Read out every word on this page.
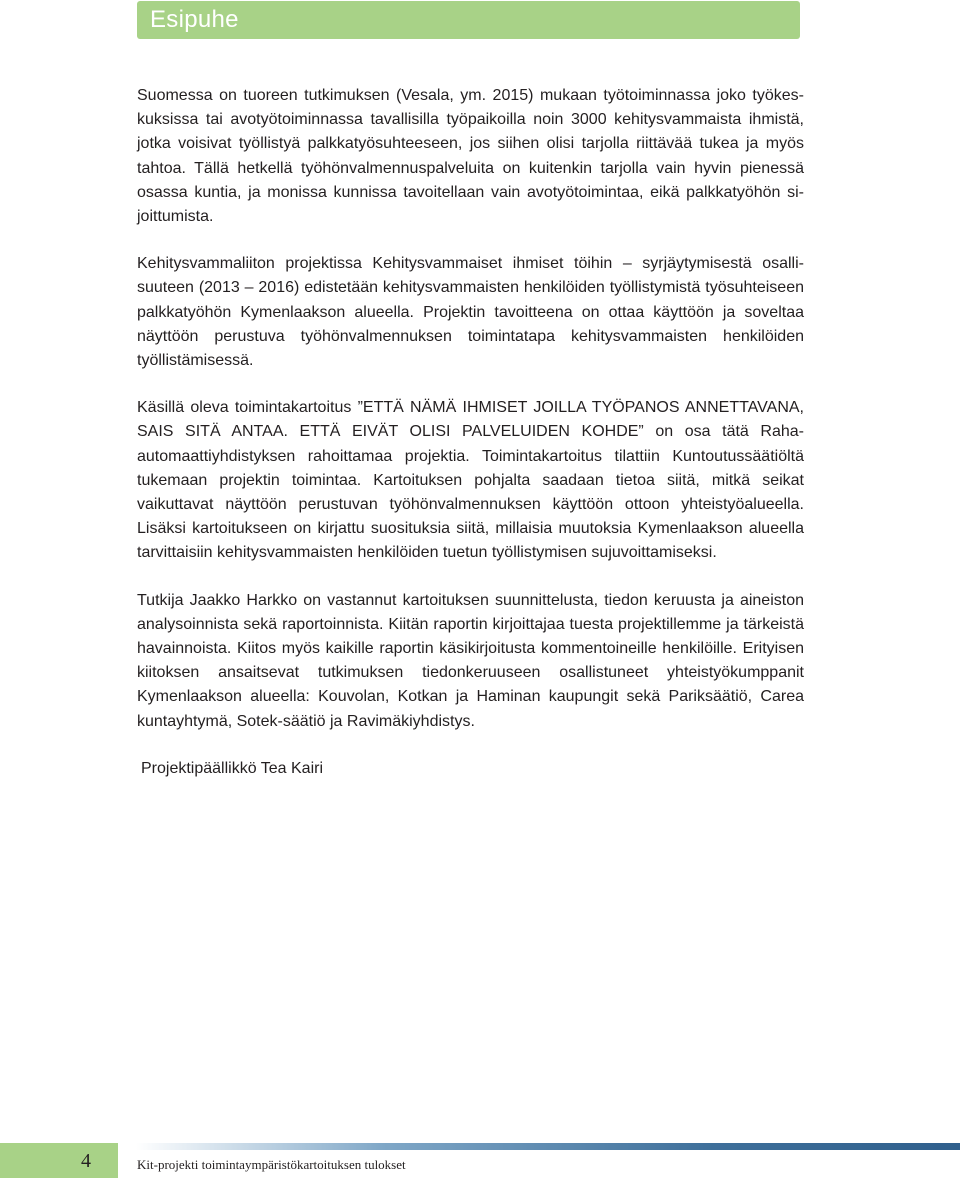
Esipuhe

Suomessa on tuoreen tutkimuksen (Vesala, ym. 2015) mukaan työtoiminnassa joko työkeskuksissa tai avotyötoiminnassa tavallisilla työpaikoilla noin 3000 kehitysvammaista ihmistä, jotka voisivat työllistyä palkkatyösuhteeseen, jos siihen olisi tarjolla riittävää tukea ja myös tahtoa. Tällä hetkellä työhönvalmennuspalveluita on kuitenkin tarjolla vain hyvin pienessä osassa kuntia, ja monissa kunnissa tavoitellaan vain avotyötoimintaa, eikä palkkatyöhön sijoittumista.

Kehitysvammaliiton projektissa Kehitysvammaiset ihmiset töihin – syrjäytymisestä osallisuuteen (2013 – 2016) edistetään kehitysvammaisten henkilöiden työllistymistä työsuhteiseen palkkatyöhön Kymenlaakson alueella. Projektin tavoitteena on ottaa käyttöön ja soveltaa näyttöön perustuva työhönvalmennuksen toimintatapa kehitysvammaisten henkilöiden työllistämisessä.

Käsillä oleva toimintakartoitus ”ETTÄ NÄMÄ IHMISET JOILLA TYÖPANOS ANNETTAVANA, SAIS SITÄ ANTAA. ETTÄ EIVÄT OLISI PALVELUIDEN KOHDE” on osa tätä Raha-automaattiyhdistyksen rahoittamaa projektia. Toimintakartoitus tilattiin Kuntoutussäätiöltä tukemaan projektin toimintaa. Kartoituksen pohjalta saadaan tietoa siitä, mitkä seikat vaikuttavat näyttöön perustuvan työhönvalmennuksen käyttöön ottoon yhteistyöalueella. Lisäksi kartoitukseen on kirjattu suosituksia siitä, millaisia muutoksia Kymenlaakson alueella tarvittaisiin kehitysvammaisten henkilöiden tuetun työllistymisen sujuvoittamiseksi.

Tutkija Jaakko Harkko on vastannut kartoituksen suunnittelusta, tiedon keruusta ja aineiston analysoinnista sekä raportoinnista. Kiitän raportin kirjoittajaa tuesta projektillemme ja tärkeistä havainnoista. Kiitos myös kaikille raportin käsikirjoitusta kommentoineille henkilöille. Erityisen kiitoksen ansaitsevat tutkimuksen tiedonkeruuseen osallistuneet yhteistyökumppanit Kymenlaakson alueella: Kouvolan, Kotkan ja Haminan kaupungit sekä Pariksäätiö, Carea kuntayhtymä, Sotek-säätiö ja Ravimäkiyhdistys.

Projektipäällikkö Tea Kairi
4	Kit-projekti toimintaympäristökartoituksen tulokset
